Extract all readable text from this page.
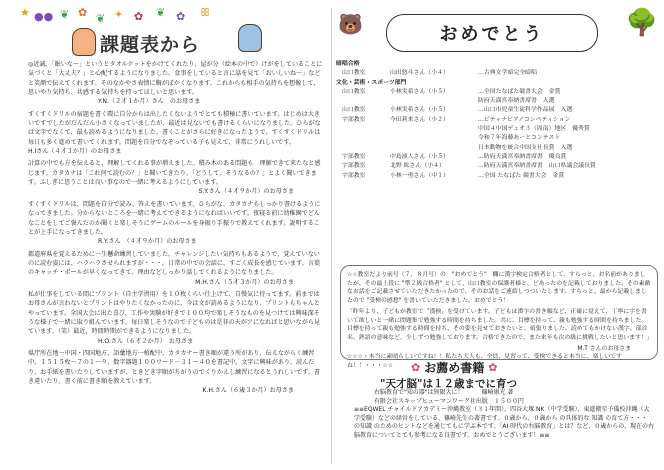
★ ●● ❦ ✿ ❦ ✦ ✿ ❦ ✿ ꕥ
課題表から
◎近誠、「眠いな～」というとタオルケットをかけてくれたり、屋が分（絵本の中で）けがをしていることに気づくと「大丈夫？」と心配するようになりました。食事をしていると言に話を見て「おいしいね～」などと笑顔で伝えてくれます。そのなかやさ表情に胸がぽかくなります。これからも相手の気持ちを想像して、思いやり気持ち、共感する気持ちを持ってほしいと思います。
Y.N.（２才１か月）さん　のお母さま
すくすくドリルの宿題を書く際に自分からは出したくないようでとても積極に書いています。はじめは大きいですでしたがだんだん小さくなっていましたが、最近は見ないでも書けるくらいになりました。ひらがなは文字でなくて、最も読めるようになりました。書くことがさらに好きになったようで、すくすくドリルは毎日も多く進めて書いてくれます。問題を自分でなぞっている子も見えて、非常にうれしいです。
H.Iさん（４才３か月）のお母さま
計算の中でも方を伝えると、理解してくれる事が増えました。積み木のある問題も　理解できて来たなと感じます。カタカナは「これ何て読むの？」と聞いてきたり、「どうして、そうなるの？」とよく聞いてきます。ふしぎに思うことは良い事なので一緒に考えるようにしています。
S.Y.さん（４才９か月）のお母さま
すくすくドリルは、問題を自分で読み、答えを書いています。ひらがな、カタカナもしっかり書けるようになってきました。分からないところを一緒に考えてできるようになればいいです。夜寝る前に幼稚園でどんなことをしてご褒んだのか聞くと楽しそうにゲームのルールを身振り手振りで教えてくれます。説明することが上手になってきました。
R.Y.さん　（４才９か月）のお母さま
都道府県を覚えるために一生懸命練習していました。チャレンジしたい気持ちもあるようで、覚えていないのに読む姿には、ハラハラさせられますが・・・。日常の中での会話に、すごく成長を感じています。言葉のキャッチ・ボールが早くなってきて、理由などしっかり話してくれるようになりました。
M.H.さん（５才３か月）のお母さま
私が仕事をしている間にプリント（自主学習用）を１０枚くらい仕上げて、自慢気に待ってます。前まではお母さんが言わないとプリントはやりたくなかったのに、今は文が読めるようになり、プリントもちゃんとやっています。全国大会に出た喜び、工作や実験が好きで１００均で楽しそうなものを見つけては興味深そうな様子で一緒に取り組んでいます。毎日楽しそうなので子どものは是非の天がアになればと思いながら見ています。（笑）最近、時間時期ができるようになりました。
H.O.さん（６才２か月）　お母さま
県庁所在地一中国・四国地方、語彙地方一植配中、カタカナー書き順が違う所があり、伝えながらく練習中。１５１５枚－７の１〜９、数字器題１００ワード－３１〜４０を書記中。文字に興味があり、読んだり、お手紙を書いたりしていますが、ときどき字順がちがうのでくりかえし練習になるとうれしいです。書き違いたり、書く前に書き順を教えています。
K.H.さん（６歳３か月）お母さま
🐻	おめでとう	🌳
暗唱合格
山口教室	山田悠斗さん（小４）	…古典文学暗完全暗唱
文化・芸術・スポーツ部門
山口教室	小林実希さん（小５）	…全国たなばた競書大会　金賞
防府天満宮奉納書席書　入選
山口教室	小林実希さん（小５）	…山口市児童生徒科学作品展　入選
宇部教室	今田莉来さん（小２）	…ビティナピアノコンペティション
中国４中国デュオ３（周南）地区　優秀賞
令和７年海藤あーとコンテスト
日本動物を統合中国支社長賞　入選
宇部教室	中島凛人さん（小５）	…防府天満宮奉納書席書　優良賞
宇部教室	北野 紘さん（小４）	…防府天満宮奉納書席書　山口県議会議長賞
宇部教室	小林一勇さん（中１）	…全国 たなばた 競書大会　金賞

☆☆教室だより前号（７，８月号）の　"おめでとう"　欄に漢字検定合格者として、すらっと、お名前がありましたが、その最上段に "準２級合格者" として、山口教室の保護者様と、どあったのを記載しておりました。その素敵なお話をご記載させていただきたかったので、そのお話をご連絡しつついたします。すらっと、最から記載しましたので "受検の感想" を書いていただきました。おめでとう！

「昨年より、子どもが教室で〝漢検〟を受けています。子どもは漢字の書き順など、正確に覚えて、丁寧に字を書いて欲しいと一緒に問題集で勉強する時間を持ちました。共に、目標を持って、親も勉強する時間を持ちました。目標を持って親も勉強する時間を持ち、その姿を見せておきたいと、頑張りました。読めてもかけない漢字、部首名、熟語の意味など、少しずつ勉強しております。合格できたので、また来年も次の級に挑戦したいと思います！」

M.T さんのお母さま

☆☆☆・本当に素晴らしいですね！！私たち大人も、全員、見習って、受検できると本当に、楽しいですね！！・・・☆☆	✿ お薦め書籍 ✿
"天才脳"は１２歳までに育つ
右脳教育で"知の器"は無限大に！　　　篠崎康光 著
有限会社スキップヒューマンワーク社出版　１５００円
≡≡EQWEL チャイルドアカデミー沖縄教室（３１年間）、四谷大塚 NK（中学受験）、東進衛星予備校沖縄（大学受験）などの経営をしている、篠崎先生の著書です。０歳から、０歳から の具体的な 知識 の育て方・・・ の知識 のためのヒントなどを通じてもに学ぶ本です。「AI 時代の右脳教育」とは？など、０歳からの、現在の右脳教育についてとても参考になる良書です。おめでとうございます！≡≡
